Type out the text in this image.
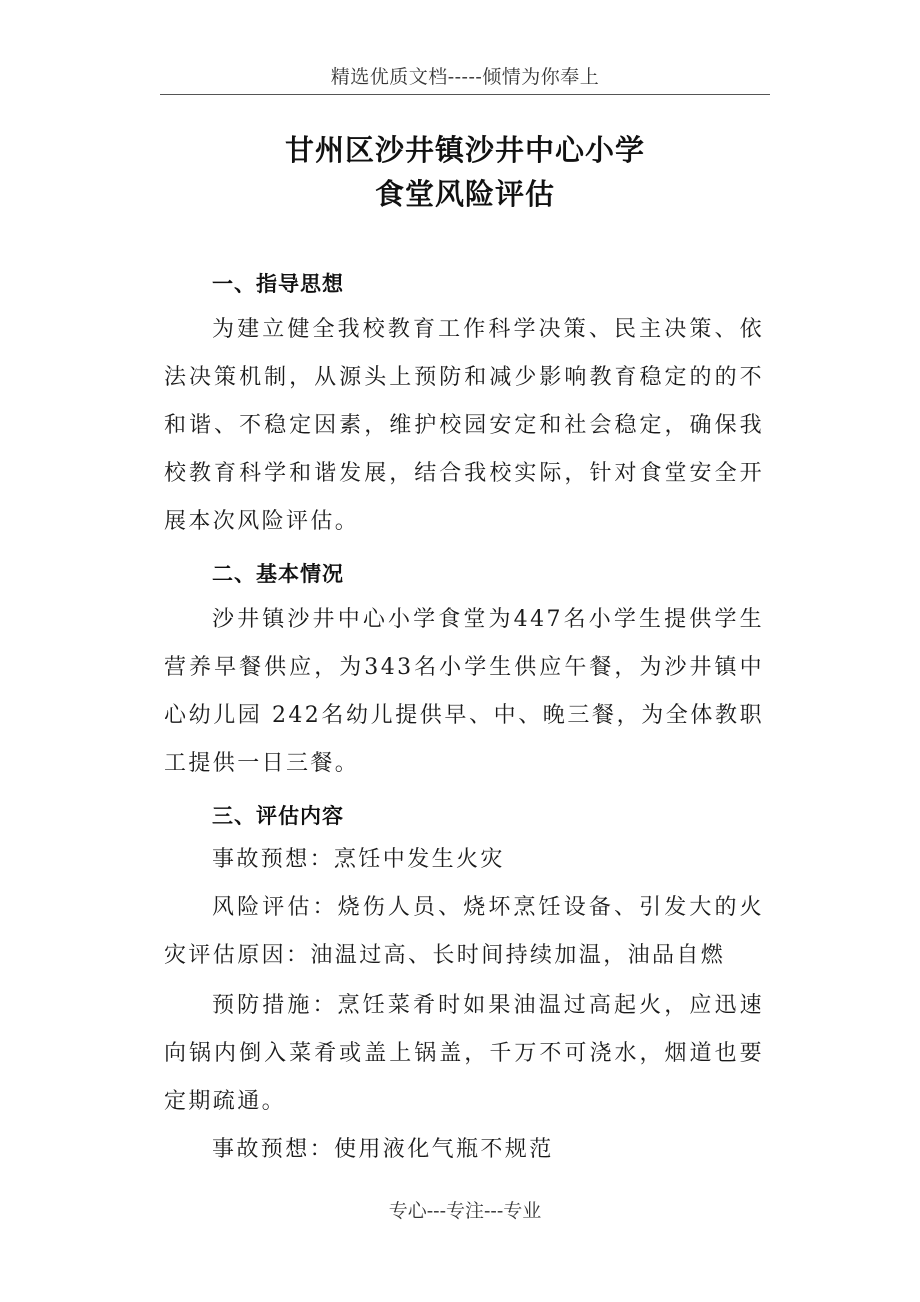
精选优质文档-----倾情为你奉上
甘州区沙井镇沙井中心小学
食堂风险评估
一、指导思想
为建立健全我校教育工作科学决策、民主决策、依法决策机制，从源头上预防和减少影响教育稳定的的不和谐、不稳定因素，维护校园安定和社会稳定，确保我校教育科学和谐发展，结合我校实际，针对食堂安全开展本次风险评估。
二、基本情况
沙井镇沙井中心小学食堂为447名小学生提供学生营养早餐供应，为343名小学生供应午餐，为沙井镇中心幼儿园 242名幼儿提供早、中、晚三餐，为全体教职工提供一日三餐。
三、评估内容
事故预想：烹饪中发生火灾
风险评估：烧伤人员、烧坏烹饪设备、引发大的火灾评估原因：油温过高、长时间持续加温，油品自燃
预防措施：烹饪菜肴时如果油温过高起火，应迅速向锅内倒入菜肴或盖上锅盖，千万不可浇水，烟道也要定期疏通。
事故预想：使用液化气瓶不规范
专心---专注---专业
